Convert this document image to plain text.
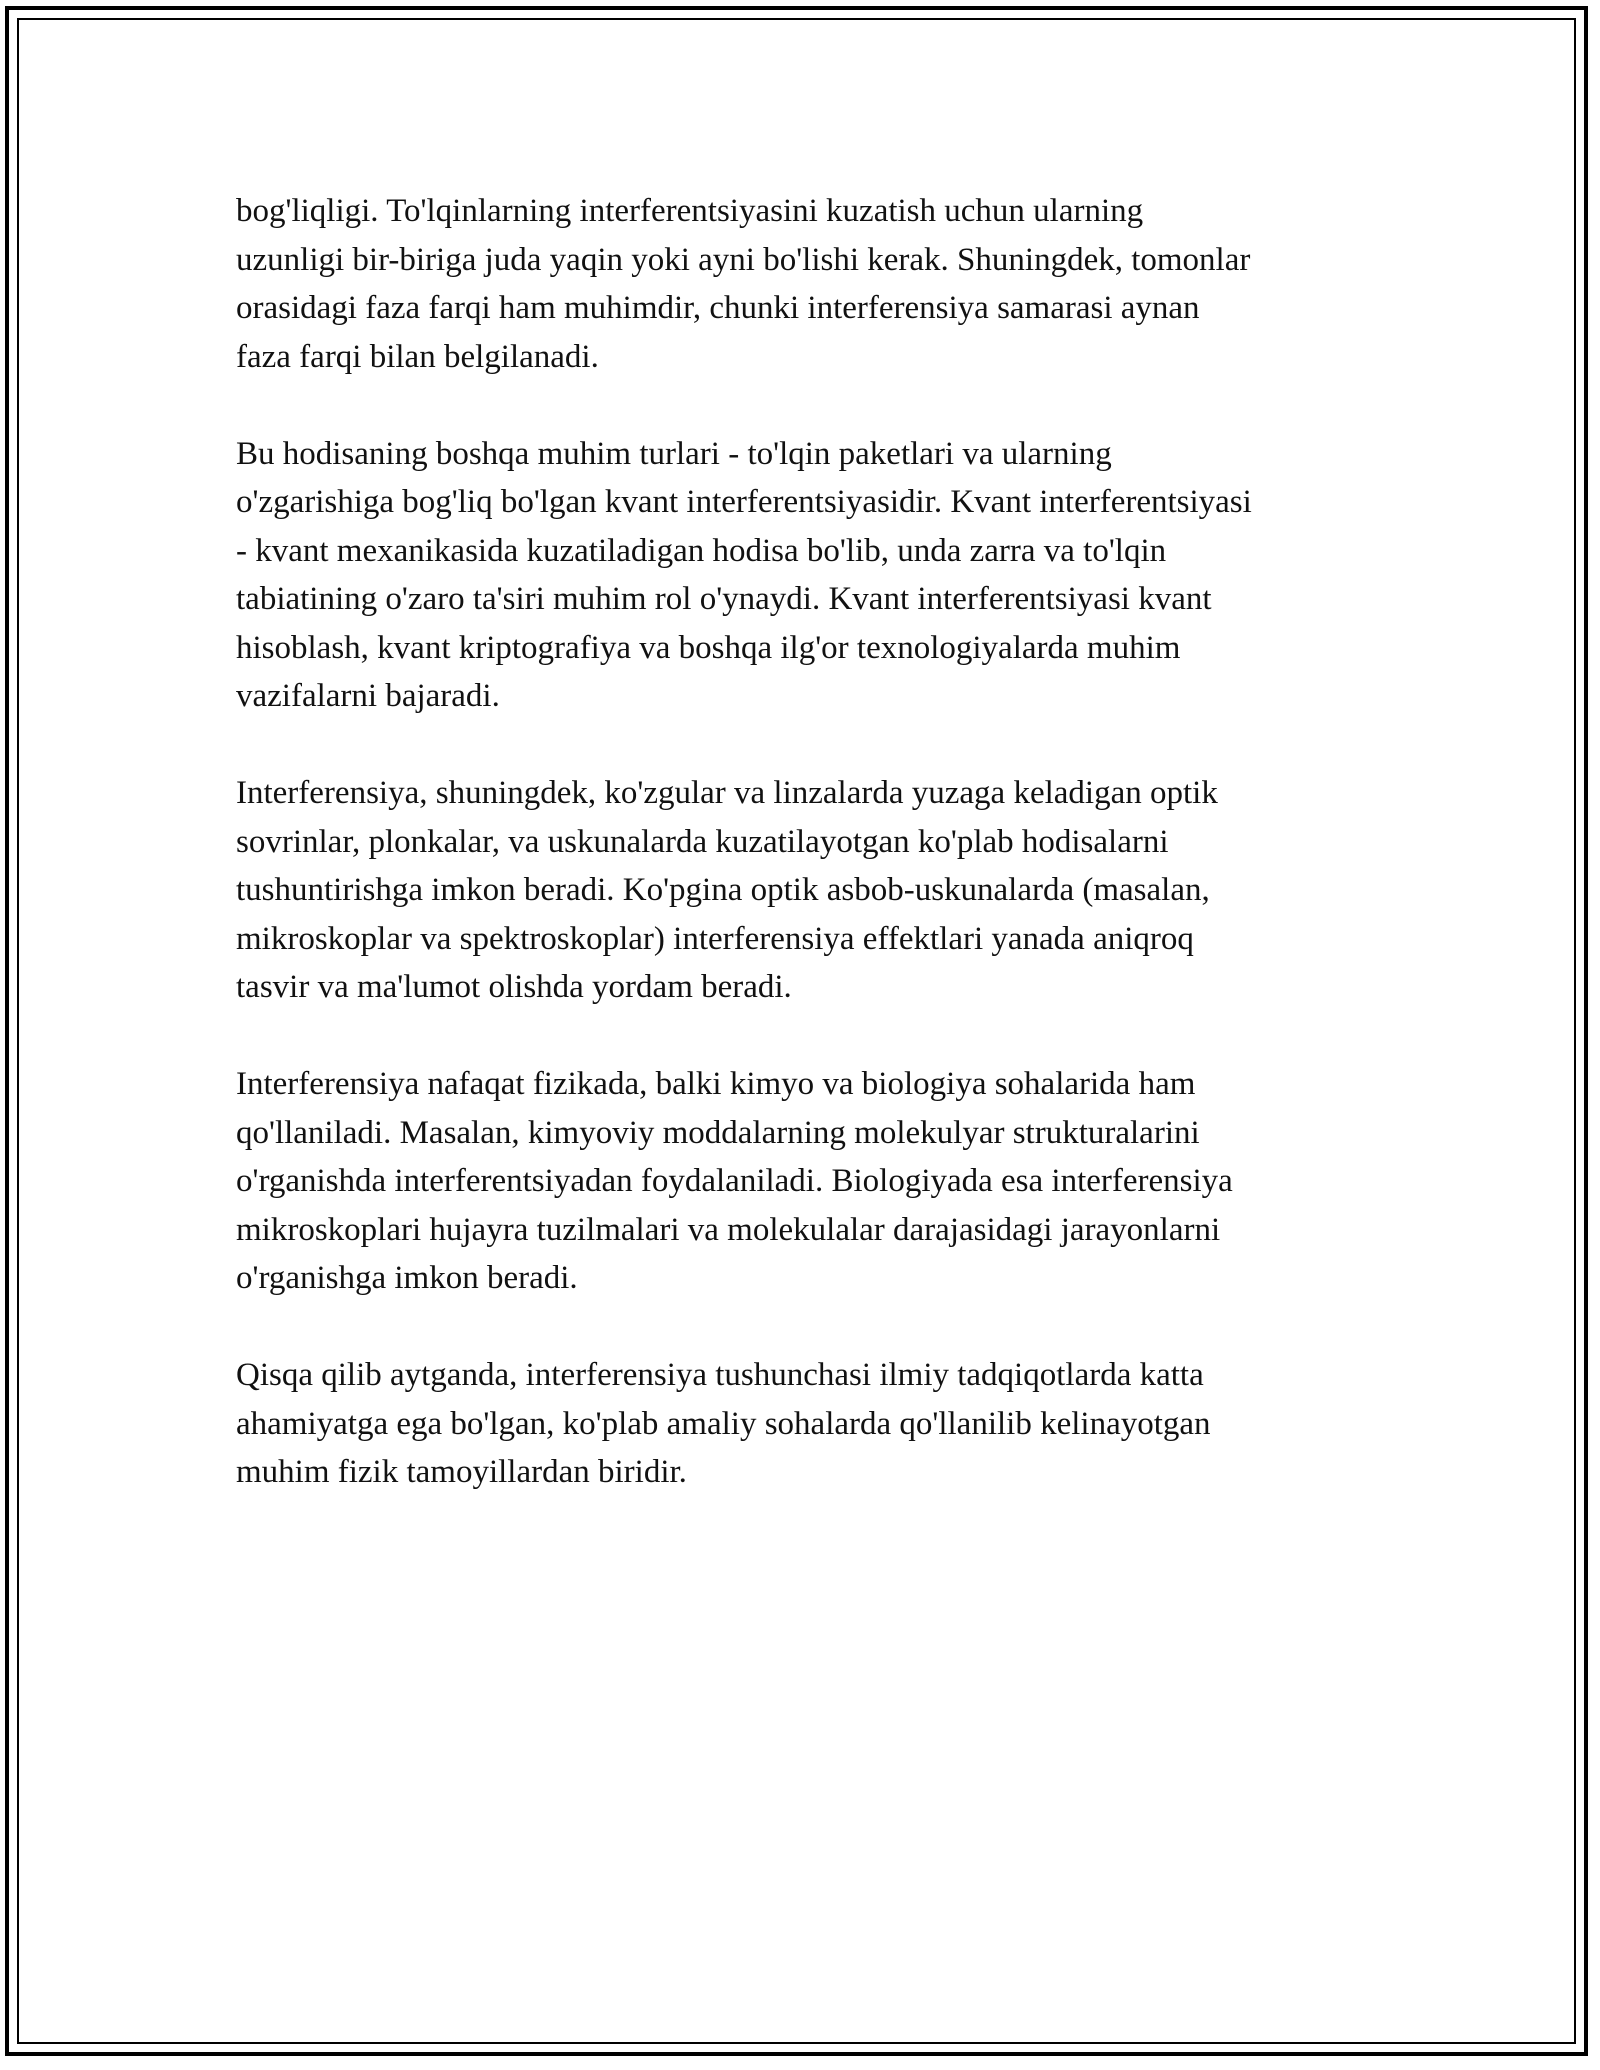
bog'liqligi. To'lqinlarning interferentsiyasini kuzatish uchun ularning
uzunligi bir-biriga juda yaqin yoki ayni bo'lishi kerak. Shuningdek, tomonlar
orasidagi faza farqi ham muhimdir, chunki interferensiya samarasi aynan
faza farqi bilan belgilanadi.

Bu hodisaning boshqa muhim turlari - to'lqin paketlari va ularning
o'zgarishiga bog'liq bo'lgan kvant interferentsiyasidir. Kvant interferentsiyasi
- kvant mexanikasida kuzatiladigan hodisa bo'lib, unda zarra va to'lqin
tabiatining o'zaro ta'siri muhim rol o'ynaydi. Kvant interferentsiyasi kvant
hisoblash, kvant kriptografiya va boshqa ilg'or texnologiyalarda muhim
vazifalarni bajaradi.

Interferensiya, shuningdek, ko'zgular va linzalarda yuzaga keladigan optik
sovrinlar, plonkalar, va uskunalarda kuzatilayotgan ko'plab hodisalarni
tushuntirishga imkon beradi. Ko'pgina optik asbob-uskunalarda (masalan,
mikroskoplar va spektroskoplar) interferensiya effektlari yanada aniqroq
tasvir va ma'lumot olishda yordam beradi.

Interferensiya nafaqat fizikada, balki kimyo va biologiya sohalarida ham
qo'llaniladi. Masalan, kimyoviy moddalarning molekulyar strukturalarini
o'rganishda interferentsiyadan foydalaniladi. Biologiyada esa interferensiya
mikroskoplari hujayra tuzilmalari va molekulalar darajasidagi jarayonlarni
o'rganishga imkon beradi.

Qisqa qilib aytganda, interferensiya tushunchasi ilmiy tadqiqotlarda katta
ahamiyatga ega bo'lgan, ko'plab amaliy sohalarda qo'llanilib kelinayotgan
muhim fizik tamoyillardan biridir.
